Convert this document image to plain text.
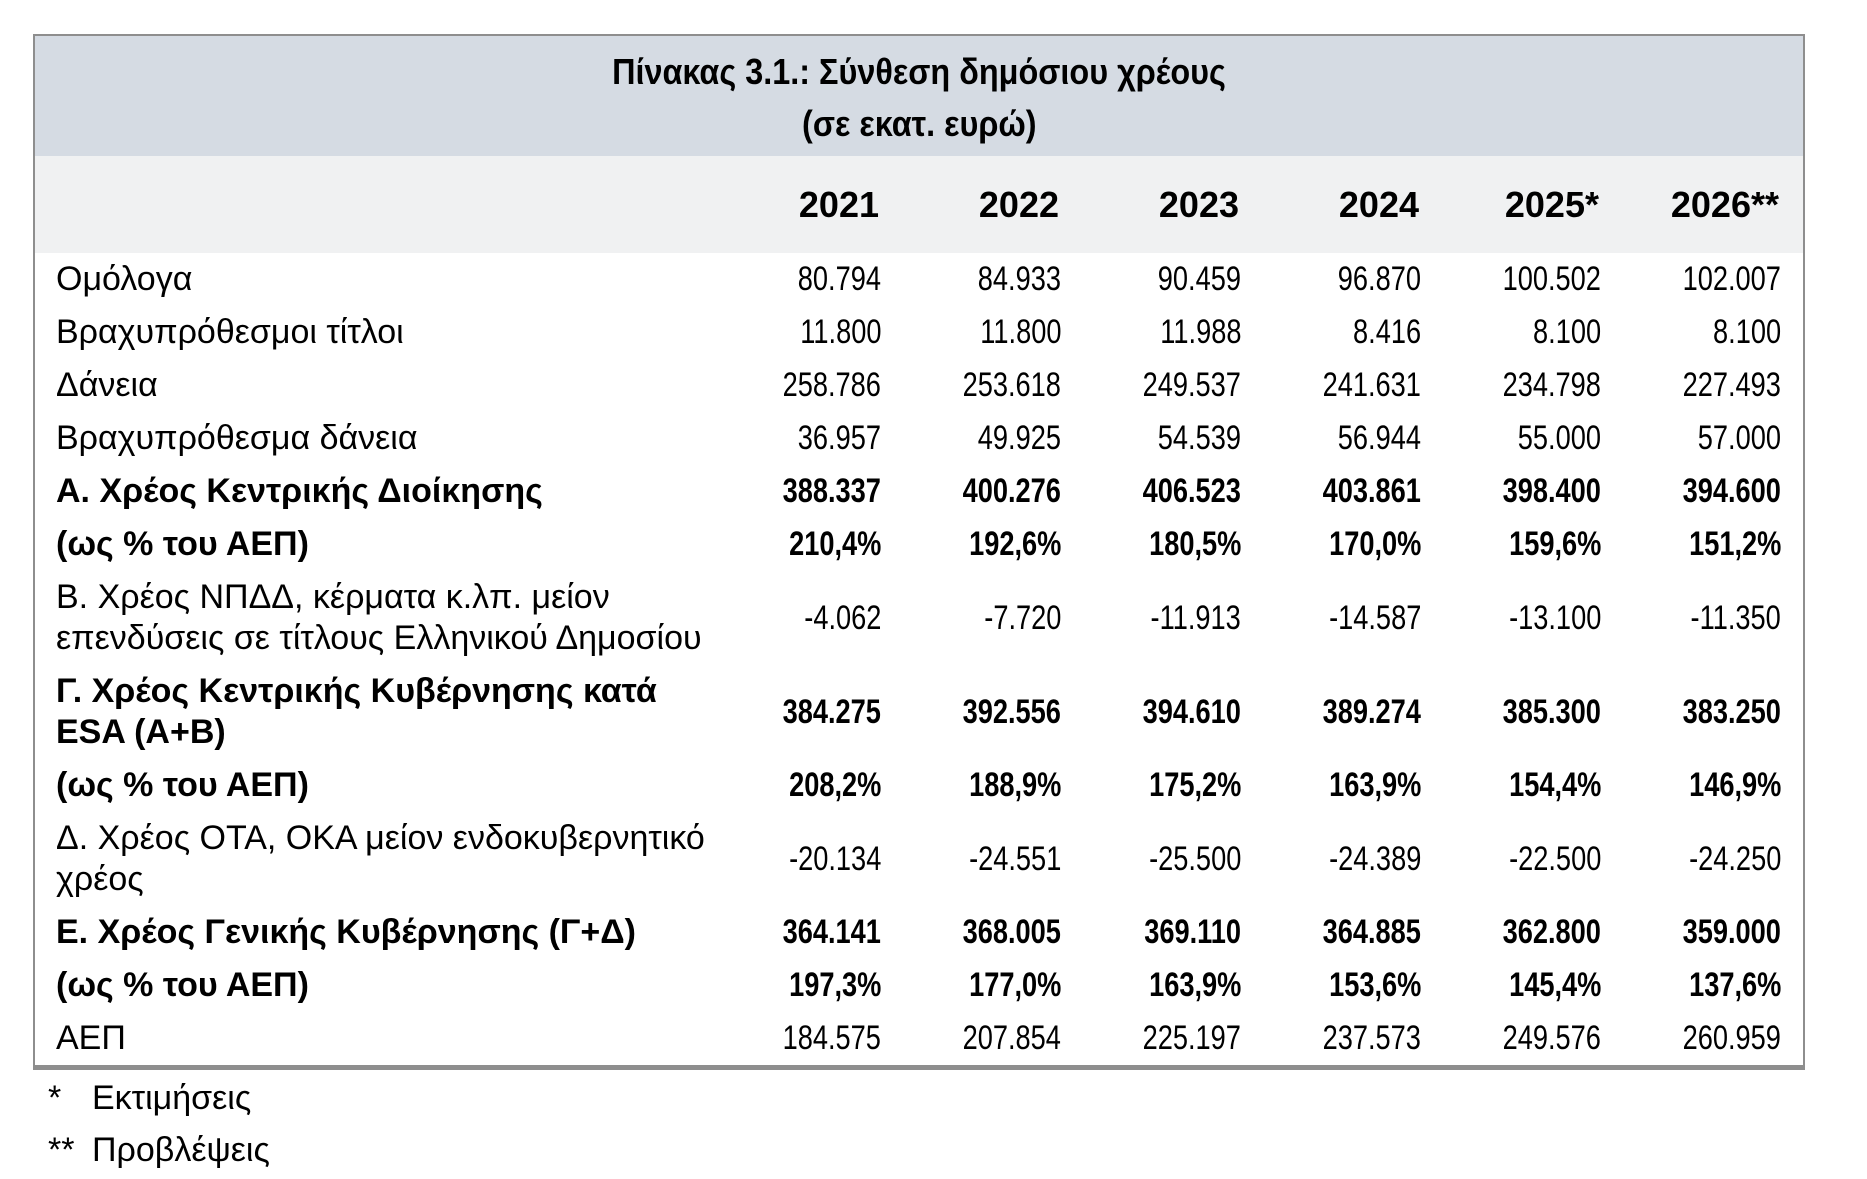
Πίνακας 3.1.: Σύνθεση δημόσιου χρέους
(σε εκατ. ευρώ)
	2021	2022	2023	2024	2025*	2026**
Ομόλογα	80.794	84.933	90.459	96.870	100.502	102.007
Βραχυπρόθεσμοι τίτλοι	11.800	11.800	11.988	8.416	8.100	8.100
Δάνεια	258.786	253.618	249.537	241.631	234.798	227.493
Βραχυπρόθεσμα δάνεια	36.957	49.925	54.539	56.944	55.000	57.000
Α. Χρέος Κεντρικής Διοίκησης	388.337	400.276	406.523	403.861	398.400	394.600
(ως % του ΑΕΠ)	210,4%	192,6%	180,5%	170,0%	159,6%	151,2%
Β. Χρέος ΝΠΔΔ, κέρματα κ.λπ. μείον επενδύσεις σε τίτλους Ελληνικού Δημοσίου	-4.062	-7.720	-11.913	-14.587	-13.100	-11.350
Γ. Χρέος Κεντρικής Κυβέρνησης κατά ESA (Α+Β)	384.275	392.556	394.610	389.274	385.300	383.250
(ως % του ΑΕΠ)	208,2%	188,9%	175,2%	163,9%	154,4%	146,9%
Δ. Χρέος ΟΤΑ, ΟΚΑ μείον ενδοκυβερνητικό χρέος	-20.134	-24.551	-25.500	-24.389	-22.500	-24.250
Ε. Χρέος Γενικής Κυβέρνησης (Γ+Δ)	364.141	368.005	369.110	364.885	362.800	359.000
(ως % του ΑΕΠ)	197,3%	177,0%	163,9%	153,6%	145,4%	137,6%
ΑΕΠ	184.575	207.854	225.197	237.573	249.576	260.959
* Εκτιμήσεις
** Προβλέψεις
